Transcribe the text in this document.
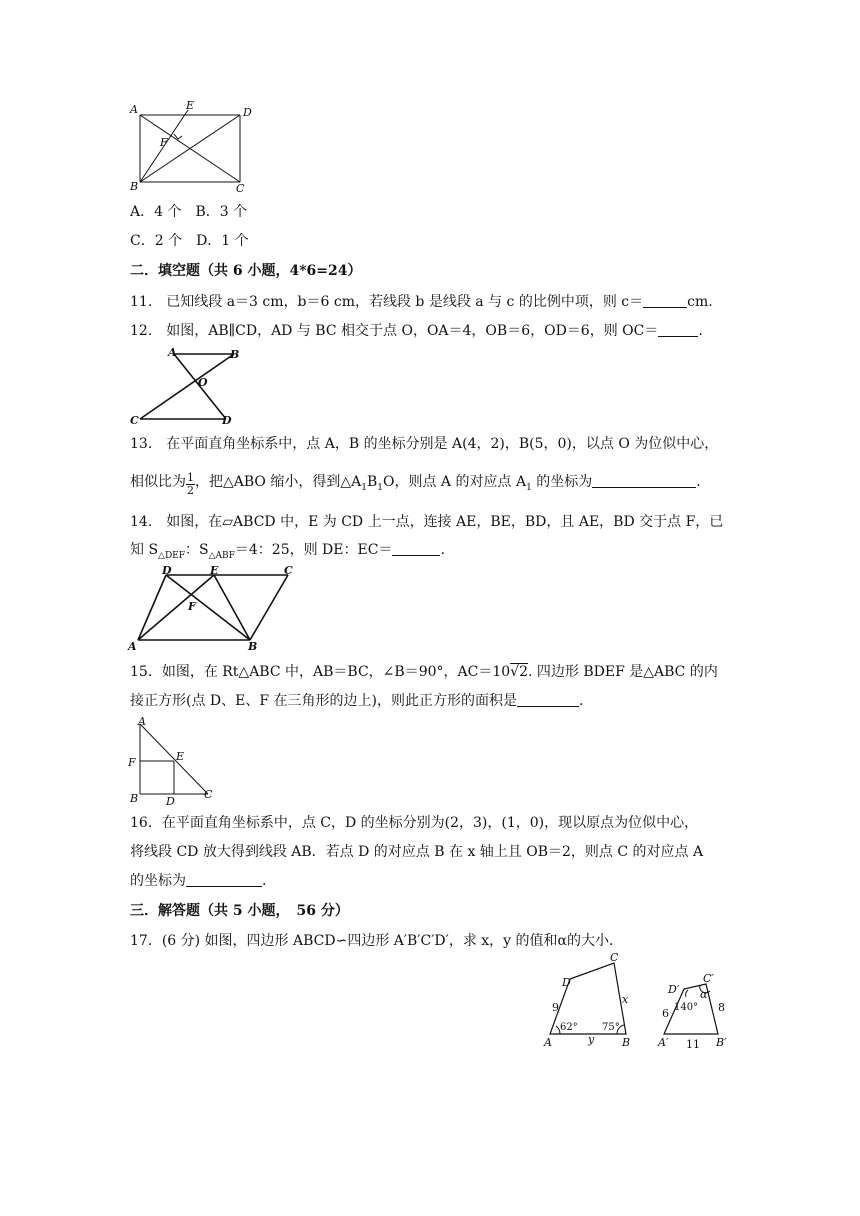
A	E
D
F
B	C
A．4 个　B．3 个
C．2 个　D．1 个
二．填空题（共 6 小题，4*6=24）
11.　已知线段 a＝3 cm，b＝6 cm，若线段 b 是线段 a 与 c 的比例中项，则 c＝	cm.
12.　如图，AB∥CD，AD 与 BC 相交于点 O，OA＝4，OB＝6，OD＝6，则 OC＝	.
A	B
O
C	D
13.　在平面直角坐标系中，点 A，B 的坐标分别是 A(4，2)，B(5，0)，以点 O 为位似中心，
相似比为 $\frac{1}{2}$ ，把△ABO 缩小，得到$\triangle A_1B_1O$，则点 A 的对应点 $A_1$ 的坐标为	.
14.　如图，在▱ABCD 中，E 为 CD 上一点，连接 AE，BE，BD，且 AE，BD 交于点 F，已
知 $S_{\triangle DEF}$：$S_{\triangle ABF}=4$：25，则 DE：EC＝	.
D	E	C
F
A	B
15．如图，在 Rt△ABC 中，AB＝BC，∠B＝90°，AC＝10√2. 四边形 BDEF 是△ABC 的内
接正方形(点 D、E、F 在三角形的边上)，则此正方形的面积是	.
A
F	E
B	D
C
16．在平面直角坐标系中，点 C，D 的坐标分别为(2，3)，(1，0)，现以原点为位似中心，
将线段 CD 放大得到线段 AB．若点 D 的对应点 B 在 x 轴上且 OB＝2，则点 C 的对应点 A
的坐标为	.
三．解答题（共 5 小题，　56 分）
17．(6 分) 如图，四边形 ABCD∽四边形 A′B′C′D′，求 x，y 的值和α的大小．
A	B
C
D
9
x
y
62° 75°
A′	B′
C′
D′
6	8
11
140°
α
